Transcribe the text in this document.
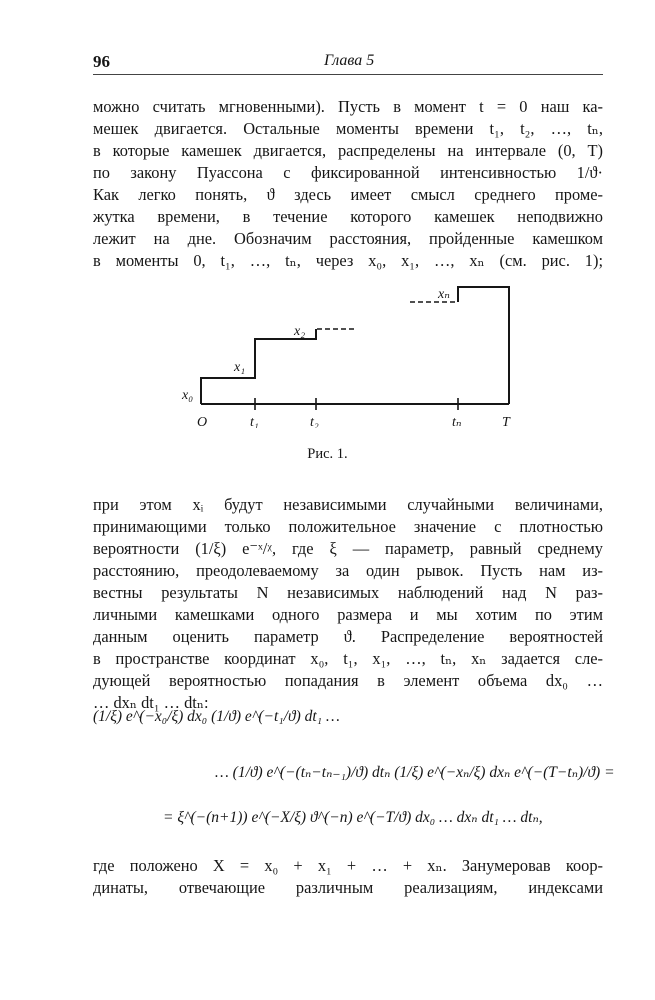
96	Глава 5
можно считать мгновенными). Пусть в момент t = 0 наш ка-
мешек двигается. Остальные моменты времени t₁, t₂, …, tₙ,
в которые камешек двигается, распределены на интервале (0, T)
по закону Пуассона с фиксированной интенсивностью 1/ϑ·
Как легко понять, ϑ здесь имеет смысл среднего проме-
жутка времени, в течение которого камешек неподвижно
лежит на дне. Обозначим расстояния, пройденные камешком
в моменты 0, t₁, …, tₙ, через x₀, x₁, …, xₙ (см. рис. 1);
x₀
x₁
x₂
xₙ
O	t₁	t₂	tₙ	T
Рис. 1.
при этом xᵢ будут независимыми случайными величинами,
принимающими только положительное значение с плотностью
вероятности (1/ξ) e⁻ˣ/ᵡ, где ξ — параметр, равный среднему
расстоянию, преодолеваемому за один рывок. Пусть нам из-
вестны результаты N независимых наблюдений над N раз-
личными камешками одного размера и мы хотим по этим
данным оценить параметр ϑ. Распределение вероятностей
в пространстве координат x₀, t₁, x₁, …, tₙ, xₙ задается сле-
дующей вероятностью попадания в элемент объема dx₀ …
… dxₙ dt₁ … dtₙ:
(1/ξ) e^(−x₀/ξ) dx₀ (1/ϑ) e^(−t₁/ϑ) dt₁ …
… (1/ϑ) e^(−(tₙ−tₙ₋₁)/ϑ) dtₙ (1/ξ) e^(−xₙ/ξ) dxₙ e^(−(T−tₙ)/ϑ) =
= ξ^(−(n+1)) e^(−X/ξ) ϑ^(−n) e^(−T/ϑ) dx₀ … dxₙ dt₁ … dtₙ,
где положено X = x₀ + x₁ + … + xₙ. Занумеровав коор-
динаты, отвечающие различным реализациям, индексами
